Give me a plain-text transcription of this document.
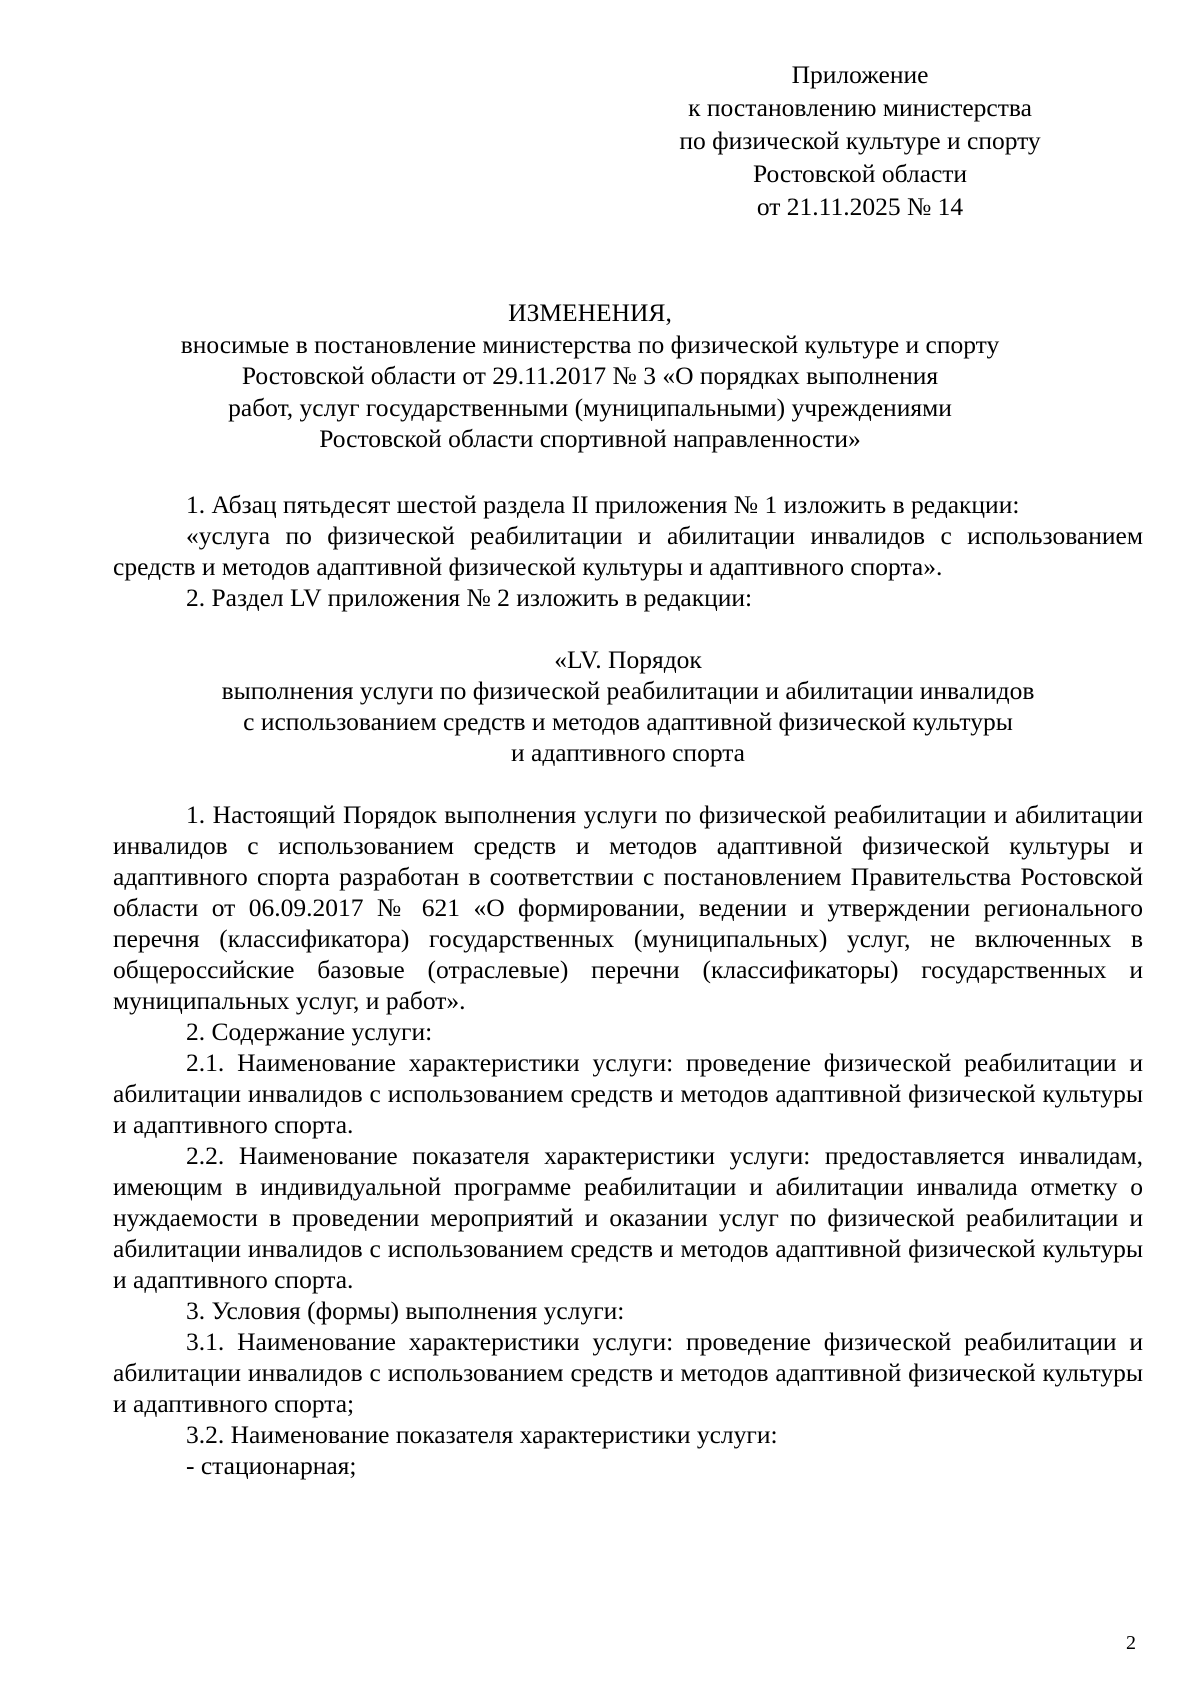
Приложение
к постановлению министерства
по физической культуре и спорту
Ростовской области
от 21.11.2025 № 14
ИЗМЕНЕНИЯ,
вносимые в постановление министерства по физической культуре и спорту
Ростовской области от 29.11.2017 № 3 «О порядках выполнения
работ, услуг государственными (муниципальными) учреждениями
Ростовской области спортивной направленности»
1. Абзац пятьдесят шестой раздела II приложения № 1 изложить в редакции:
«услуга по физической реабилитации и абилитации инвалидов с использованием средств и методов адаптивной физической культуры и адаптивного спорта».
2. Раздел LV приложения № 2 изложить в редакции:
«LV. Порядок
выполнения услуги по физической реабилитации и абилитации инвалидов
с использованием средств и методов адаптивной физической культуры
и адаптивного спорта
1. Настоящий Порядок выполнения услуги по физической реабилитации и абилитации инвалидов с использованием средств и методов адаптивной физической культуры и адаптивного спорта разработан в соответствии с постановлением Правительства Ростовской области от 06.09.2017 № 621 «О формировании, ведении и утверждении регионального перечня (классификатора) государственных (муниципальных) услуг, не включенных в общероссийские базовые (отраслевые) перечни (классификаторы) государственных и муниципальных услуг, и работ».
2. Содержание услуги:
2.1. Наименование характеристики услуги: проведение физической реабилитации и абилитации инвалидов с использованием средств и методов адаптивной физической культуры и адаптивного спорта.
2.2. Наименование показателя характеристики услуги: предоставляется инвалидам, имеющим в индивидуальной программе реабилитации и абилитации инвалида отметку о нуждаемости в проведении мероприятий и оказании услуг по физической реабилитации и абилитации инвалидов с использованием средств и методов адаптивной физической культуры и адаптивного спорта.
3. Условия (формы) выполнения услуги:
3.1. Наименование характеристики услуги: проведение физической реабилитации и абилитации инвалидов с использованием средств и методов адаптивной физической культуры и адаптивного спорта;
3.2. Наименование показателя характеристики услуги:
- стационарная;
2
